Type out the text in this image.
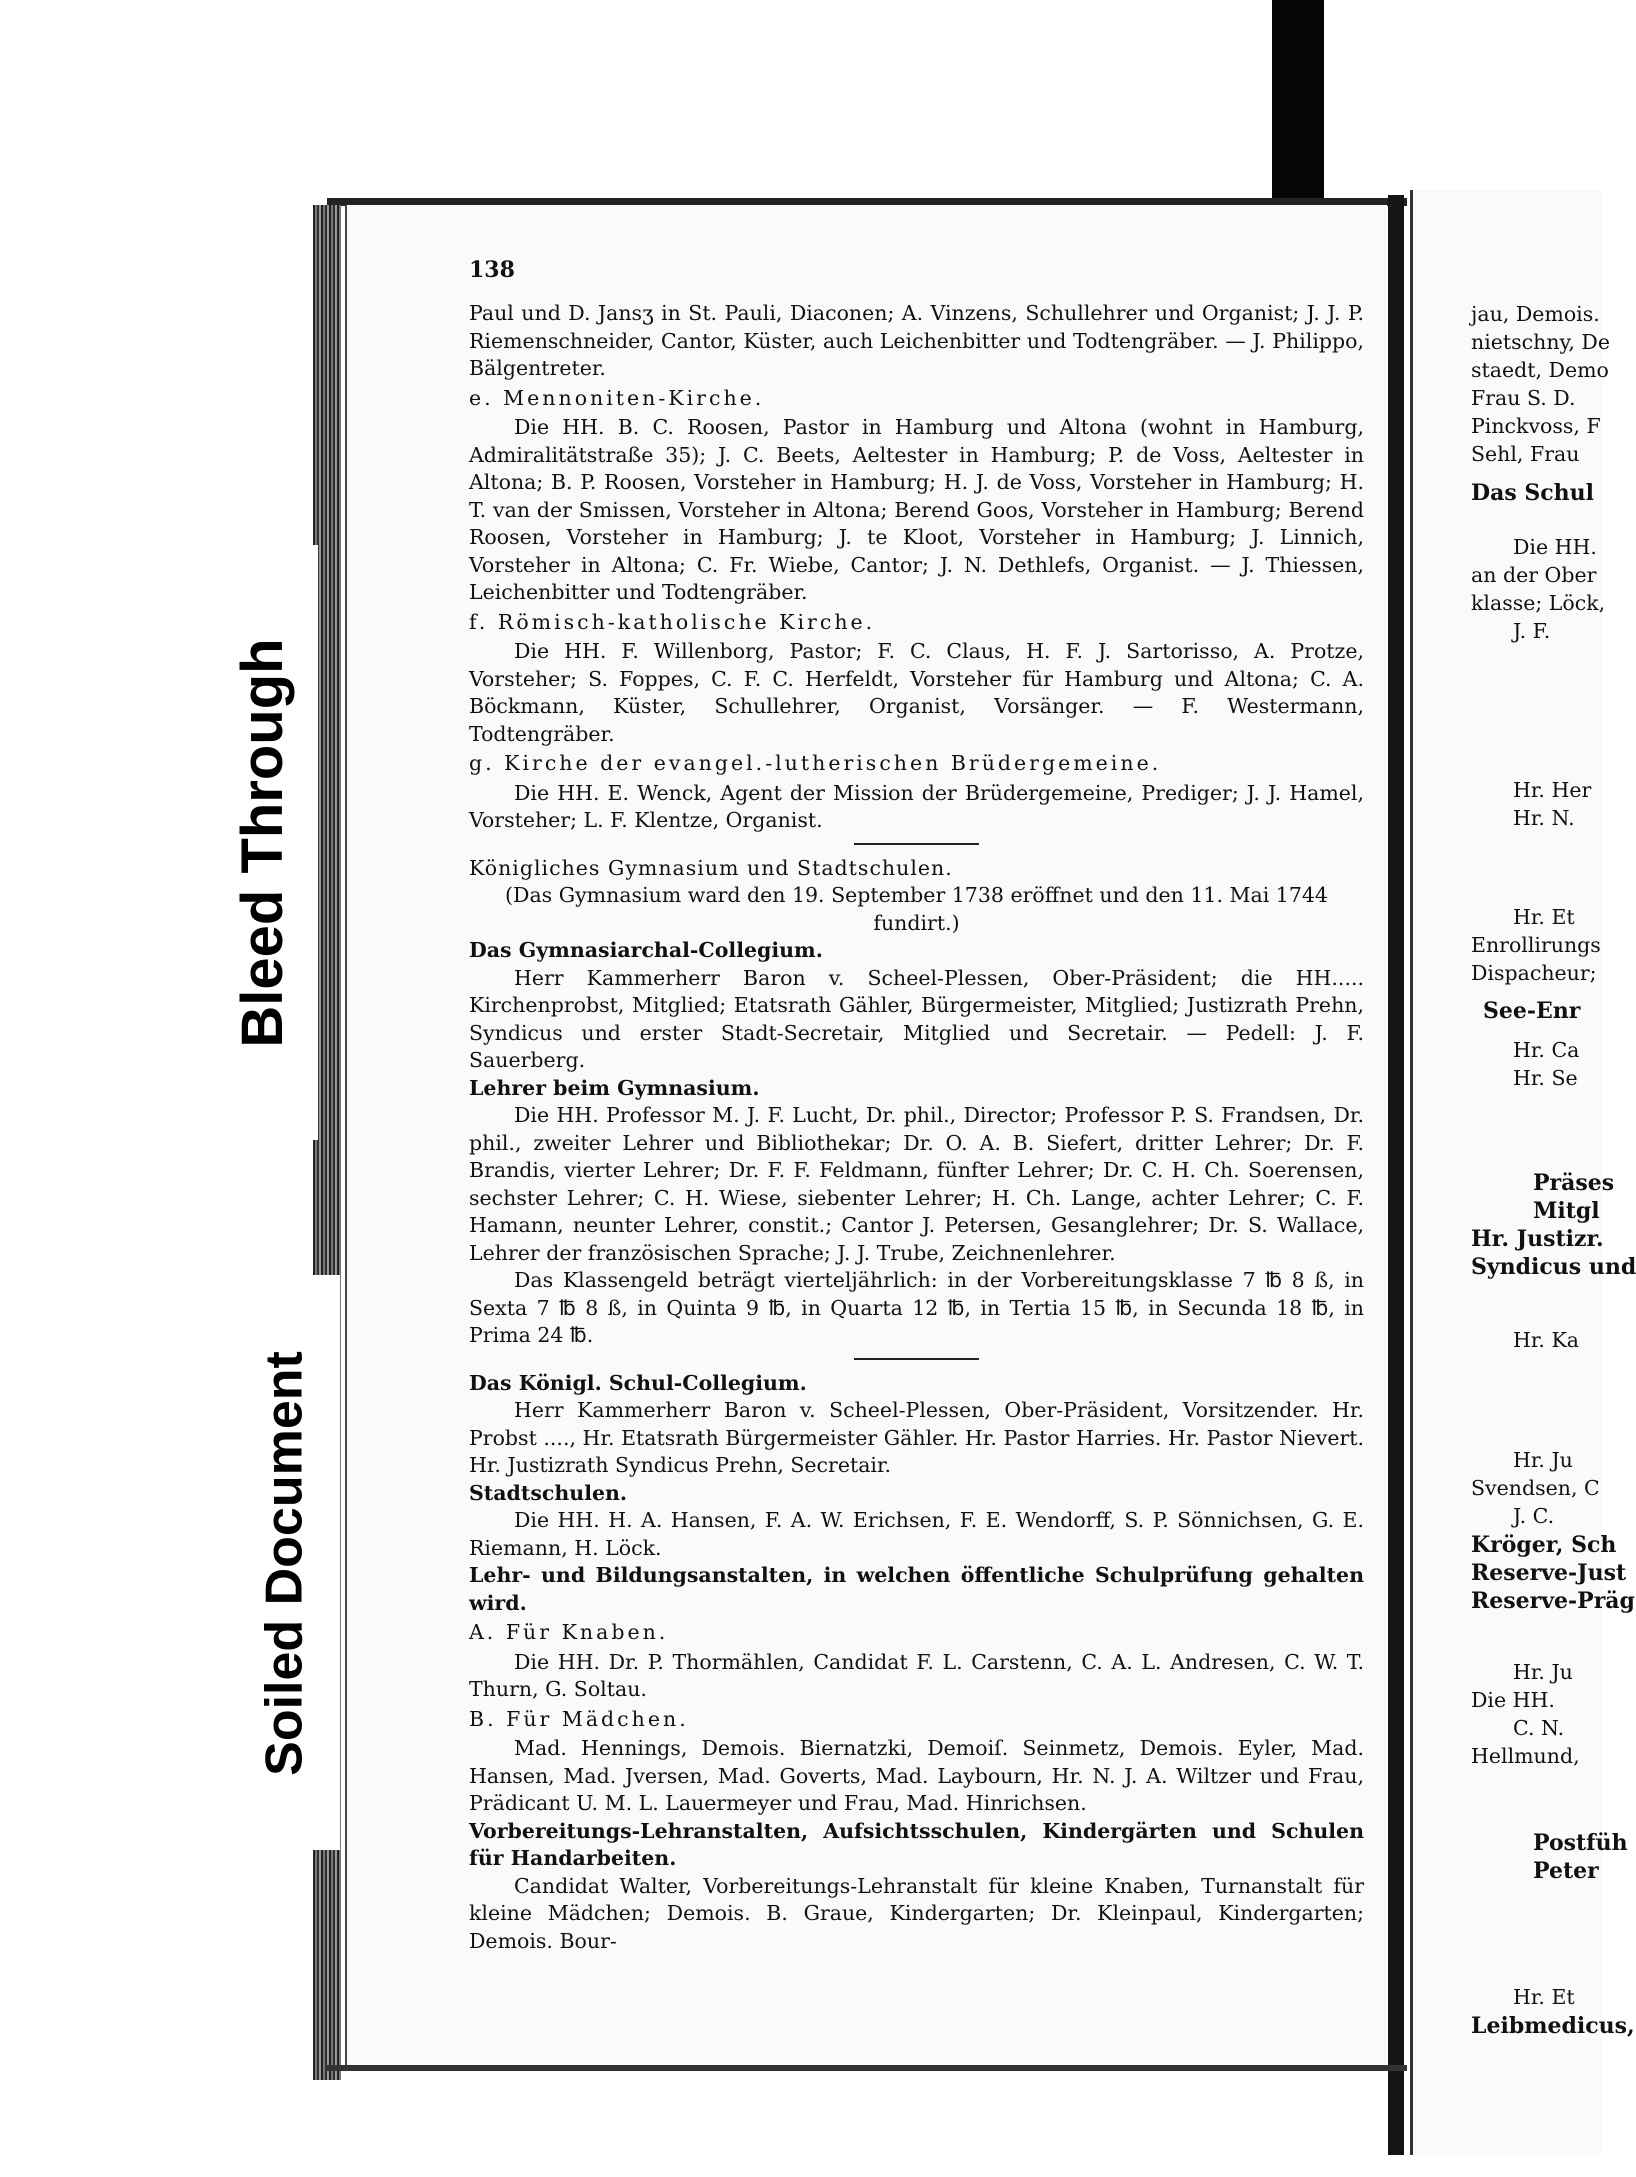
138

Paul und D. Jansʒ in St. Pauli, Diaconen; A. Vinzens, Schullehrer und Organist; J. J. P. Riemenschneider, Cantor, Küster, auch Leichenbitter und Todtengräber. — J. Philippo, Bälgentreter.

e. Mennoniten-Kirche.

Die HH. B. C. Roosen, Pastor in Hamburg und Altona (wohnt in Hamburg, Admiralitätstraße 35); J. C. Beets, Aeltester in Hamburg; P. de Voss, Aeltester in Altona; B. P. Roosen, Vorsteher in Hamburg; H. J. de Voss, Vorsteher in Hamburg; H. T. van der Smissen, Vorsteher in Altona; Berend Goos, Vorsteher in Hamburg; Berend Roosen, Vorsteher in Hamburg; J. te Kloot, Vorsteher in Hamburg; J. Linnich, Vorsteher in Altona; C. Fr. Wiebe, Cantor; J. N. Dethlefs, Organist. — J. Thiessen, Leichenbitter und Todtengräber.

f. Römisch-katholische Kirche.

Die HH. F. Willenborg, Pastor; F. C. Claus, H. F. J. Sartorisso, A. Protze, Vorsteher; S. Foppes, C. F. C. Herfeldt, Vorsteher für Hamburg und Altona; C. A. Böckmann, Küster, Schullehrer, Organist, Vorsänger. — F. Westermann, Todtengräber.

g. Kirche der evangel.-lutherischen Brüdergemeine.

Die HH. E. Wenck, Agent der Mission der Brüdergemeine, Prediger; J. J. Hamel, Vorsteher; L. F. Klentze, Organist.

Königliches Gymnasium und Stadtschulen.

(Das Gymnasium ward den 19. September 1738 eröffnet und den 11. Mai 1744 fundirt.)

Das Gymnasiarchal-Collegium.

Herr Kammerherr Baron v. Scheel-Plessen, Ober-Präsident; die HH..... Kirchenprobst, Mitglied; Etatsrath Gähler, Bürgermeister, Mitglied; Justizrath Prehn, Syndicus und erster Stadt-Secretair, Mitglied und Secretair. — Pedell: J. F. Sauerberg.

Lehrer beim Gymnasium.

Die HH. Professor M. J. F. Lucht, Dr. phil., Director; Professor P. S. Frandsen, Dr. phil., zweiter Lehrer und Bibliothekar; Dr. O. A. B. Siefert, dritter Lehrer; Dr. F. Brandis, vierter Lehrer; Dr. F. F. Feldmann, fünfter Lehrer; Dr. C. H. Ch. Soerensen, sechster Lehrer; C. H. Wiese, siebenter Lehrer; H. Ch. Lange, achter Lehrer; C. F. Hamann, neunter Lehrer, constit.; Cantor J. Petersen, Gesanglehrer; Dr. S. Wallace, Lehrer der französischen Sprache; J. J. Trube, Zeichnenlehrer.

Das Klassengeld beträgt vierteljährlich: in der Vorbereitungsklasse 7 ℔ 8 ß, in Sexta 7 ℔ 8 ß, in Quinta 9 ℔, in Quarta 12 ℔, in Tertia 15 ℔, in Secunda 18 ℔, in Prima 24 ℔.

Das Königl. Schul-Collegium.

Herr Kammerherr Baron v. Scheel-Plessen, Ober-Präsident, Vorsitzender. Hr. Probst ...., Hr. Etatsrath Bürgermeister Gähler. Hr. Pastor Harries. Hr. Pastor Nievert. Hr. Justizrath Syndicus Prehn, Secretair.

Stadtschulen.

Die HH. H. A. Hansen, F. A. W. Erichsen, F. E. Wendorff, S. P. Sönnichsen, G. E. Riemann, H. Löck.

Lehr- und Bildungsanstalten, in welchen öffentliche Schulprüfung gehalten wird.

A. Für Knaben.

Die HH. Dr. P. Thormählen, Candidat F. L. Carstenn, C. A. L. Andresen, C. W. T. Thurn, G. Soltau.

B. Für Mädchen.

Mad. Hennings, Demois. Biernatzki, Demoiſ. Seinmetz, Demois. Eyler, Mad. Hansen, Mad. Jversen, Mad. Goverts, Mad. Laybourn, Hr. N. J. A. Wiltzer und Frau, Prädicant U. M. L. Lauermeyer und Frau, Mad. Hinrichsen.

Vorbereitungs-Lehranstalten, Aufsichtsschulen, Kindergärten und Schulen für Handarbeiten.

Candidat Walter, Vorbereitungs-Lehranstalt für kleine Knaben, Turnanstalt für kleine Mädchen; Demois. B. Graue, Kindergarten; Dr. Kleinpaul, Kindergarten; Demois. Bour-

jau, Demois.
nietschny, De
staedt, Demo
Frau S. D.
Pinckvoss, F
Sehl, Frau
Das Schul
Die HH.
an der Ober
klasse; Löck,
J. F.
Hr. Her
Hr. N.
Hr. Et
Enrollirungs
Dispacheur;
See-Enr
Hr. Ca
Hr. Se
Präses
Mitgl
Hr. Justizr.
Syndicus und
Hr. Ka
Hr. Ju
Svendsen, C
J. C.
Kröger, Sch
Reserve-Just
Reserve-Präg
Hr. Ju
Die HH.
C. N.
Hellmund,
Postfüh
Peter
Hr. Et
Leibmedicus,
Bleed Through
Soiled Document
